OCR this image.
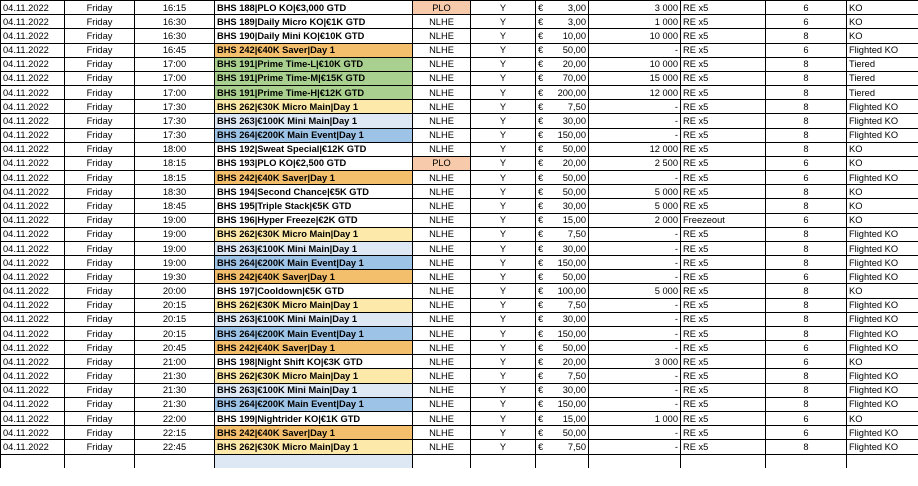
04.11.2022	Friday	16:15	BHS 188|PLO KO|€3,000 GTD	PLO	Y	€ 3,00	3 000	RE x5	6	KO
04.11.2022	Friday	16:30	BHS 189|Daily Micro KO|€1K GTD	NLHE	Y	€ 3,00	1 000	RE x5	6	KO
04.11.2022	Friday	16:30	BHS 190|Daily Mini KO|€10K GTD	NLHE	Y	€ 10,00	10 000	RE x5	8	KO
04.11.2022	Friday	16:45	BHS 242|€40K Saver|Day 1	NLHE	Y	€ 50,00	-	RE x5	6	Flighted KO
04.11.2022	Friday	17:00	BHS 191|Prime Time-L|€10K GTD	NLHE	Y	€ 20,00	10 000	RE x5	8	Tiered
04.11.2022	Friday	17:00	BHS 191|Prime Time-M|€15K GTD	NLHE	Y	€ 70,00	15 000	RE x5	8	Tiered
04.11.2022	Friday	17:00	BHS 191|Prime Time-H|€12K GTD	NLHE	Y	€ 200,00	12 000	RE x5	8	Tiered
04.11.2022	Friday	17:30	BHS 262|€30K Micro Main|Day 1	NLHE	Y	€ 7,50	-	RE x5	8	Flighted KO
04.11.2022	Friday	17:30	BHS 263|€100K Mini Main|Day 1	NLHE	Y	€ 30,00	-	RE x5	8	Flighted KO
04.11.2022	Friday	17:30	BHS 264|€200K Main Event|Day 1	NLHE	Y	€ 150,00	-	RE x5	8	Flighted KO
04.11.2022	Friday	18:00	BHS 192|Sweat Special|€12K GTD	NLHE	Y	€ 50,00	12 000	RE x5	8	KO
04.11.2022	Friday	18:15	BHS 193|PLO KO|€2,500 GTD	PLO	Y	€ 20,00	2 500	RE x5	6	KO
04.11.2022	Friday	18:15	BHS 242|€40K Saver|Day 1	NLHE	Y	€ 50,00	-	RE x5	6	Flighted KO
04.11.2022	Friday	18:30	BHS 194|Second Chance|€5K GTD	NLHE	Y	€ 50,00	5 000	RE x5	8	KO
04.11.2022	Friday	18:45	BHS 195|Triple Stack|€5K GTD	NLHE	Y	€ 30,00	5 000	RE x5	8	KO
04.11.2022	Friday	19:00	BHS 196|Hyper Freeze|€2K GTD	NLHE	Y	€ 15,00	2 000	Freezeout	6	KO
04.11.2022	Friday	19:00	BHS 262|€30K Micro Main|Day 1	NLHE	Y	€ 7,50	-	RE x5	8	Flighted KO
04.11.2022	Friday	19:00	BHS 263|€100K Mini Main|Day 1	NLHE	Y	€ 30,00	-	RE x5	8	Flighted KO
04.11.2022	Friday	19:00	BHS 264|€200K Main Event|Day 1	NLHE	Y	€ 150,00	-	RE x5	8	Flighted KO
04.11.2022	Friday	19:30	BHS 242|€40K Saver|Day 1	NLHE	Y	€ 50,00	-	RE x5	6	Flighted KO
04.11.2022	Friday	20:00	BHS 197|Cooldown|€5K GTD	NLHE	Y	€ 100,00	5 000	RE x5	8	KO
04.11.2022	Friday	20:15	BHS 262|€30K Micro Main|Day 1	NLHE	Y	€ 7,50	-	RE x5	8	Flighted KO
04.11.2022	Friday	20:15	BHS 263|€100K Mini Main|Day 1	NLHE	Y	€ 30,00	-	RE x5	8	Flighted KO
04.11.2022	Friday	20:15	BHS 264|€200K Main Event|Day 1	NLHE	Y	€ 150,00	-	RE x5	8	Flighted KO
04.11.2022	Friday	20:45	BHS 242|€40K Saver|Day 1	NLHE	Y	€ 50,00	-	RE x5	6	Flighted KO
04.11.2022	Friday	21:00	BHS 198|Night Shift KO|€3K GTD	NLHE	Y	€ 20,00	3 000	RE x5	6	KO
04.11.2022	Friday	21:30	BHS 262|€30K Micro Main|Day 1	NLHE	Y	€ 7,50	-	RE x5	8	Flighted KO
04.11.2022	Friday	21:30	BHS 263|€100K Mini Main|Day 1	NLHE	Y	€ 30,00	-	RE x5	8	Flighted KO
04.11.2022	Friday	21:30	BHS 264|€200K Main Event|Day 1	NLHE	Y	€ 150,00	-	RE x5	8	Flighted KO
04.11.2022	Friday	22:00	BHS 199|Nightrider KO|€1K GTD	NLHE	Y	€ 15,00	1 000	RE x5	6	KO
04.11.2022	Friday	22:15	BHS 242|€40K Saver|Day 1	NLHE	Y	€ 50,00	-	RE x5	6	Flighted KO
04.11.2022	Friday	22:45	BHS 262|€30K Micro Main|Day 1	NLHE	Y	€ 7,50	-	RE x5	8	Flighted KO
